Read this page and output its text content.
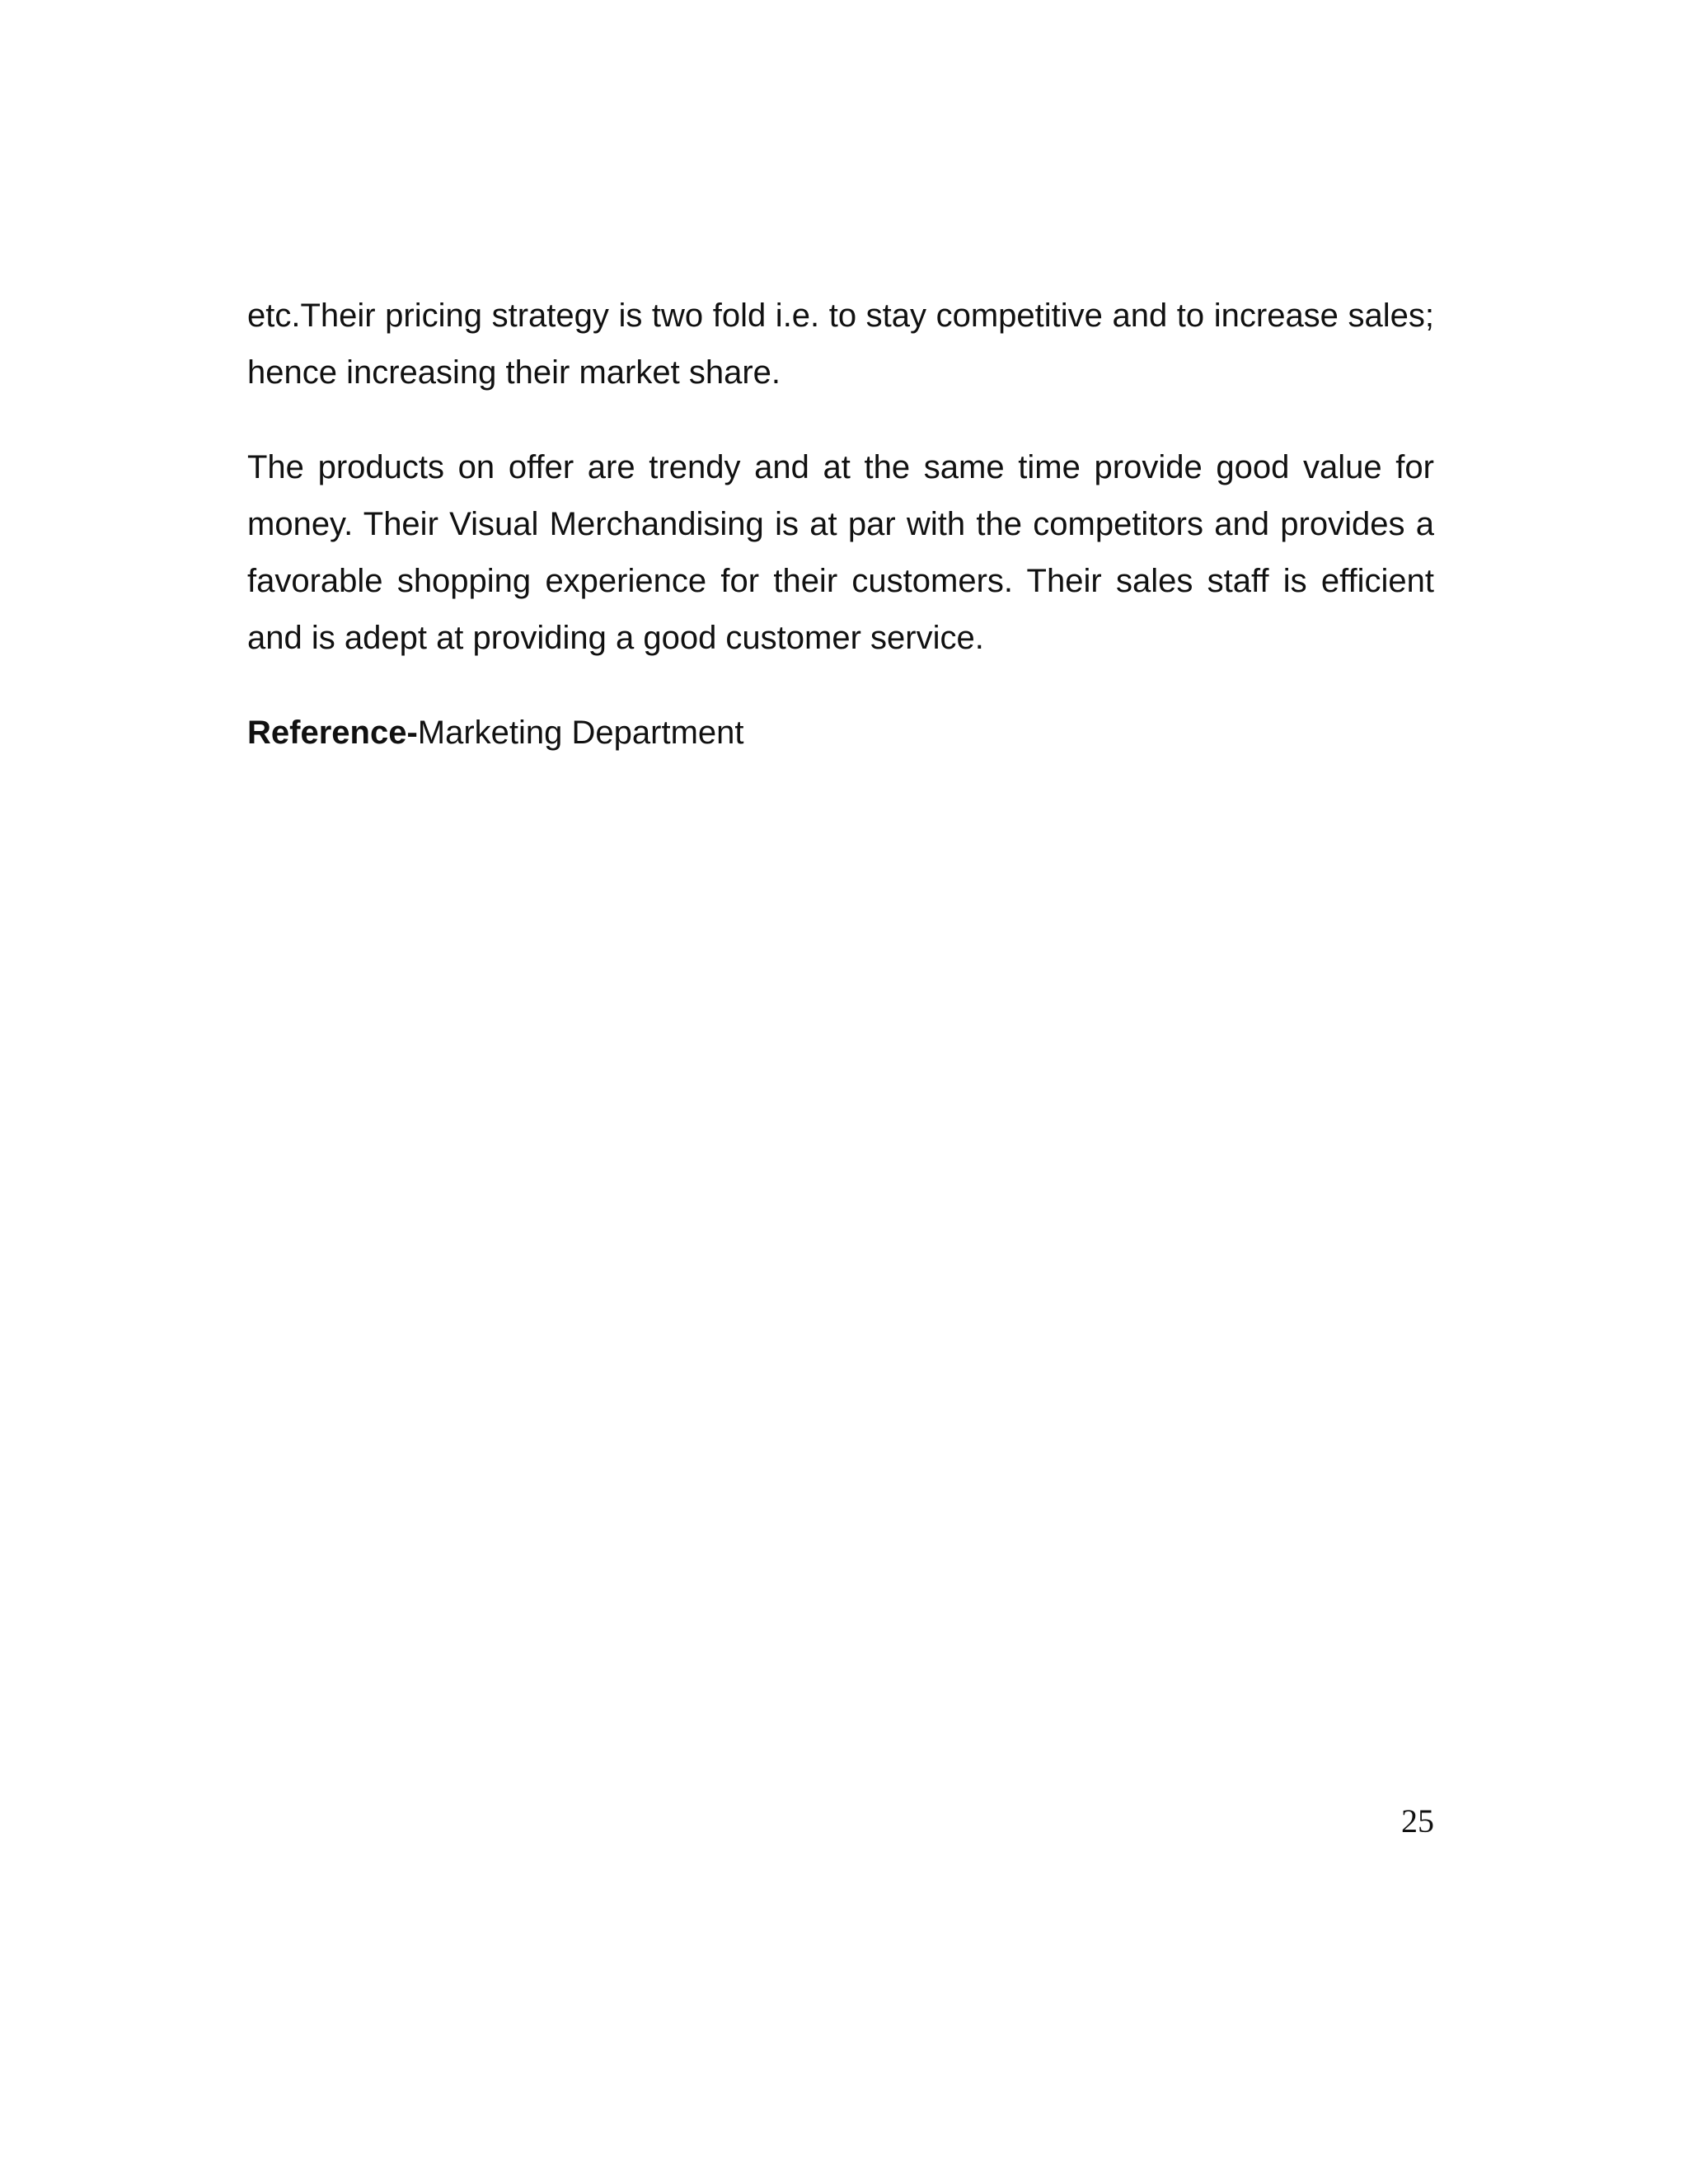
etc.Their pricing strategy is two fold i.e. to stay competitive and to increase sales; hence increasing their market share.

The products on offer are trendy and at the same time provide good value for money. Their Visual Merchandising is at par with the competitors and provides a favorable shopping experience for their customers. Their sales staff is efficient and is adept at providing a good customer service.

Reference-Marketing Department

25
